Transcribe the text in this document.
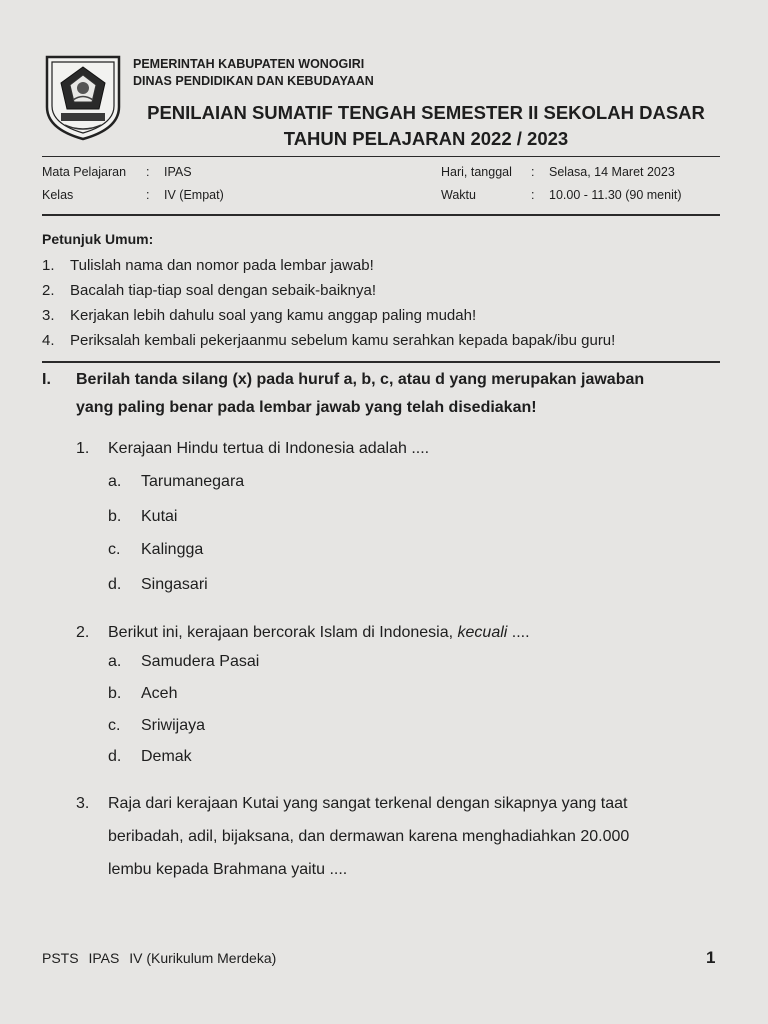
PEMERINTAH KABUPATEN WONOGIRI
DINAS PENDIDIKAN DAN KEBUDAYAAN
PENILAIAN SUMATIF TENGAH SEMESTER II SEKOLAH DASAR
TAHUN PELAJARAN 2022 / 2023
Mata Pelajaran : IPAS
Kelas	: IV (Empat)
Hari, tanggal : Selasa, 14 Maret 2023
Waktu	: 10.00 - 11.30 (90 menit)
Petunjuk Umum:
1. Tulislah nama dan nomor pada lembar jawab!
2. Bacalah tiap-tiap soal dengan sebaik-baiknya!
3. Kerjakan lebih dahulu soal yang kamu anggap paling mudah!
4. Periksalah kembali pekerjaanmu sebelum kamu serahkan kepada bapak/ibu guru!
I. Berilah tanda silang (x) pada huruf a, b, c, atau d yang merupakan jawaban
yang paling benar pada lembar jawab yang telah disediakan!
1. Kerajaan Hindu tertua di Indonesia adalah ....
a. Tarumanegara
b. Kutai
c. Kalingga
d. Singasari
2. Berikut ini, kerajaan bercorak Islam di Indonesia, kecuali ....
a. Samudera Pasai
b. Aceh
c. Sriwijaya
d. Demak
3. Raja dari kerajaan Kutai yang sangat terkenal dengan sikapnya yang taat
beribadah, adil, bijaksana, dan dermawan karena menghadiahkan 20.000
lembu kepada Brahmana yaitu ....
PSTS IPAS IV (Kurikulum Merdeka)	1
